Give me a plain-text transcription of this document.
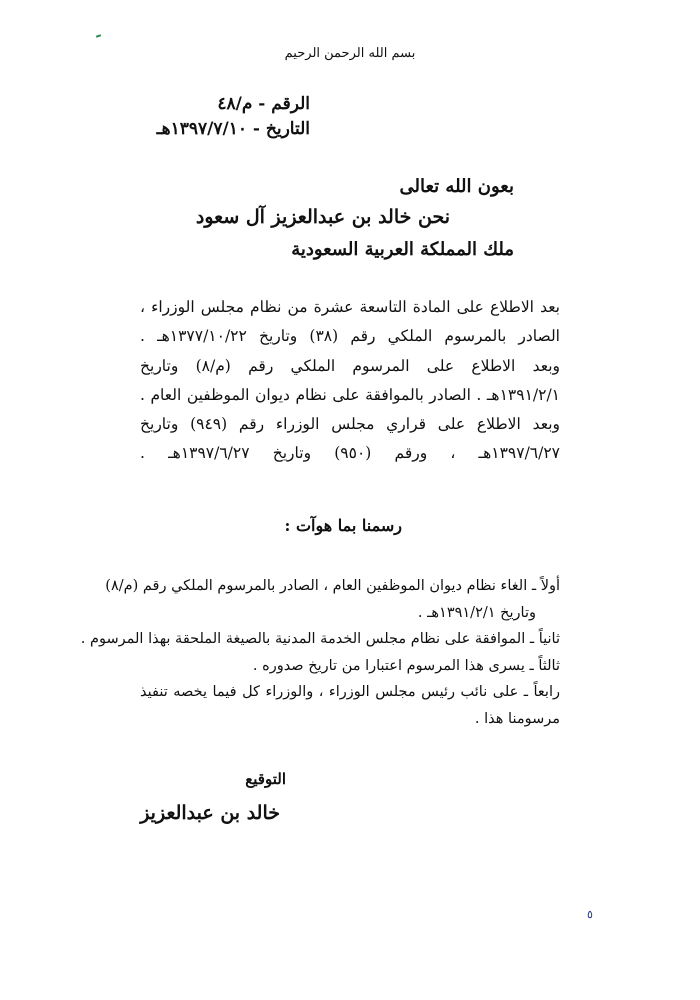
بسم الله الرحمن الرحيم

الرقم - م/٤٨

التاريخ - ١٣٩٧/٧/١٠هـ

بعون الله تعالى

نحن خالد بن عبدالعزيز آل سعود

ملك المملكة العربية السعودية

بعد الاطلاع على المادة التاسعة عشرة من نظام مجلس الوزراء ،
الصادر بالمرسوم الملكي رقم (٣٨) وتاريخ ١٣٧٧/١٠/٢٢هـ .
وبعد الاطلاع على المرسوم الملكي رقم (م/٨) وتاريخ
١٣٩١/٢/١هـ . الصادر بالموافقة على نظام ديوان الموظفين العام .
وبعد الاطلاع على قراري مجلس الوزراء رقم (٩٤٩) وتاريخ
١٣٩٧/٦/٢٧هـ ، ورقم (٩٥٠) وتاريخ ١٣٩٧/٦/٢٧هـ .

رسمنا بما هوآت :

أولاً ـ الغاء نظام ديوان الموظفين العام ، الصادر بالمرسوم الملكي رقم (م/٨)
وتاريخ ١٣٩١/٢/١هـ .
ثانياً ـ الموافقة على نظام مجلس الخدمة المدنية بالصيغة الملحقة بهذا المرسوم .
ثالثاً ـ يسرى هذا المرسوم اعتبارا من تاريخ صدوره .
رابعاً ـ على نائب رئيس مجلس الوزراء ، والوزراء كل فيما يخصه تنفيذ
مرسومنا هذا .

التوقيع

خالد بن عبدالعزيز

٥
